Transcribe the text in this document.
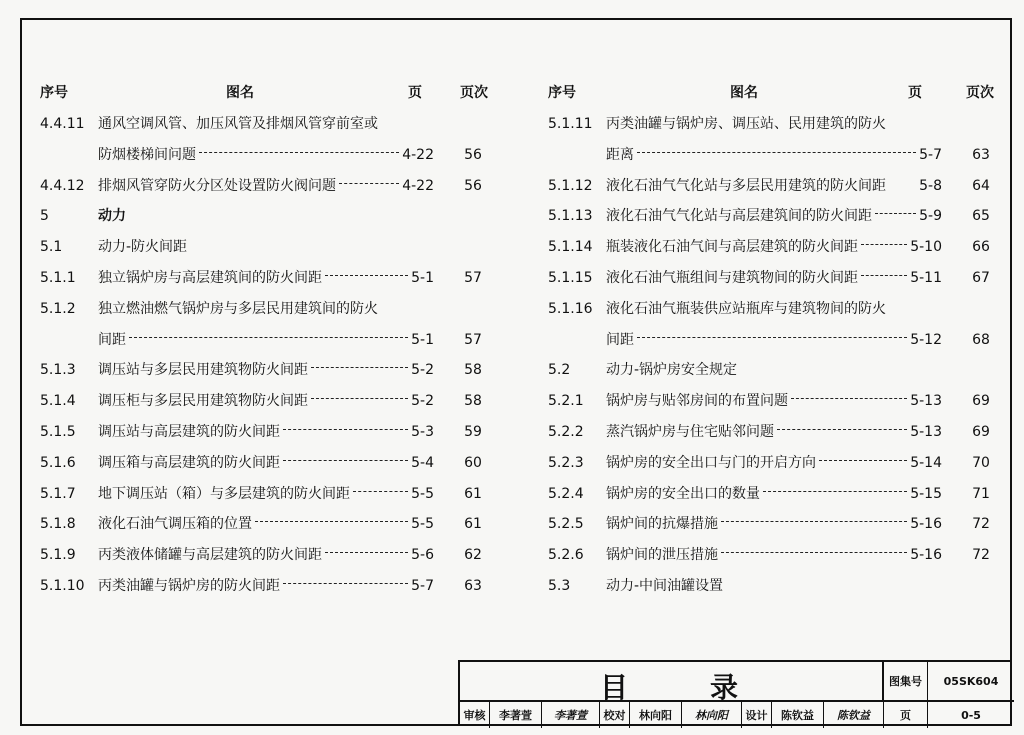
序号	图名	页	页次
4.4.11 通风空调风管、加压风管及排烟风管穿前室或
防烟楼梯间问题	4-22	56
4.4.12 排烟风管穿防火分区处设置防火阀问题	4-22	56
5	动力
5.1	动力-防火间距
5.1.1	独立锅炉房与高层建筑间的防火间距	5-1	57
5.1.2	独立燃油燃气锅炉房与多层民用建筑间的防火
间距	5-1	57
5.1.3	调压站与多层民用建筑物防火间距	5-2	58
5.1.4	调压柜与多层民用建筑物防火间距	5-2	58
5.1.5	调压站与高层建筑的防火间距	5-3	59
5.1.6	调压箱与高层建筑的防火间距	5-4	60
5.1.7	地下调压站（箱）与多层建筑的防火间距	5-5	61
5.1.8	液化石油气调压箱的位置	5-5	61
5.1.9	丙类液体储罐与高层建筑的防火间距	5-6	62
5.1.10 丙类油罐与锅炉房的防火间距	5-7	63
序号	图名	页	页次
5.1.11 丙类油罐与锅炉房、调压站、民用建筑的防火
距离	5-7	63
5.1.12 液化石油气气化站与多层民用建筑的防火间距 5-8	64
5.1.13 液化石油气气化站与高层建筑间的防火间距	5-9	65
5.1.14 瓶装液化石油气间与高层建筑的防火间距	5-10	66
5.1.15 液化石油气瓶组间与建筑物间的防火间距	5-11	67
5.1.16 液化石油气瓶装供应站瓶库与建筑物间的防火
间距	5-12	68
5.2	动力-锅炉房安全规定
5.2.1	锅炉房与贴邻房间的布置问题	5-13	69
5.2.2	蒸汽锅炉房与住宅贴邻问题	5-13	69
5.2.3	锅炉房的安全出口与门的开启方向	5-14	70
5.2.4	锅炉房的安全出口的数量	5-15	71
5.2.5	锅炉间的抗爆措施	5-16	72
5.2.6	锅炉间的泄压措施	5-16	72
5.3	动力-中间油罐设置
目	录	图集号	05SK604
审核	李著萱	李著萱	校对	林向阳	林向阳	设计	陈钦益	陈钦益	页	0-5
